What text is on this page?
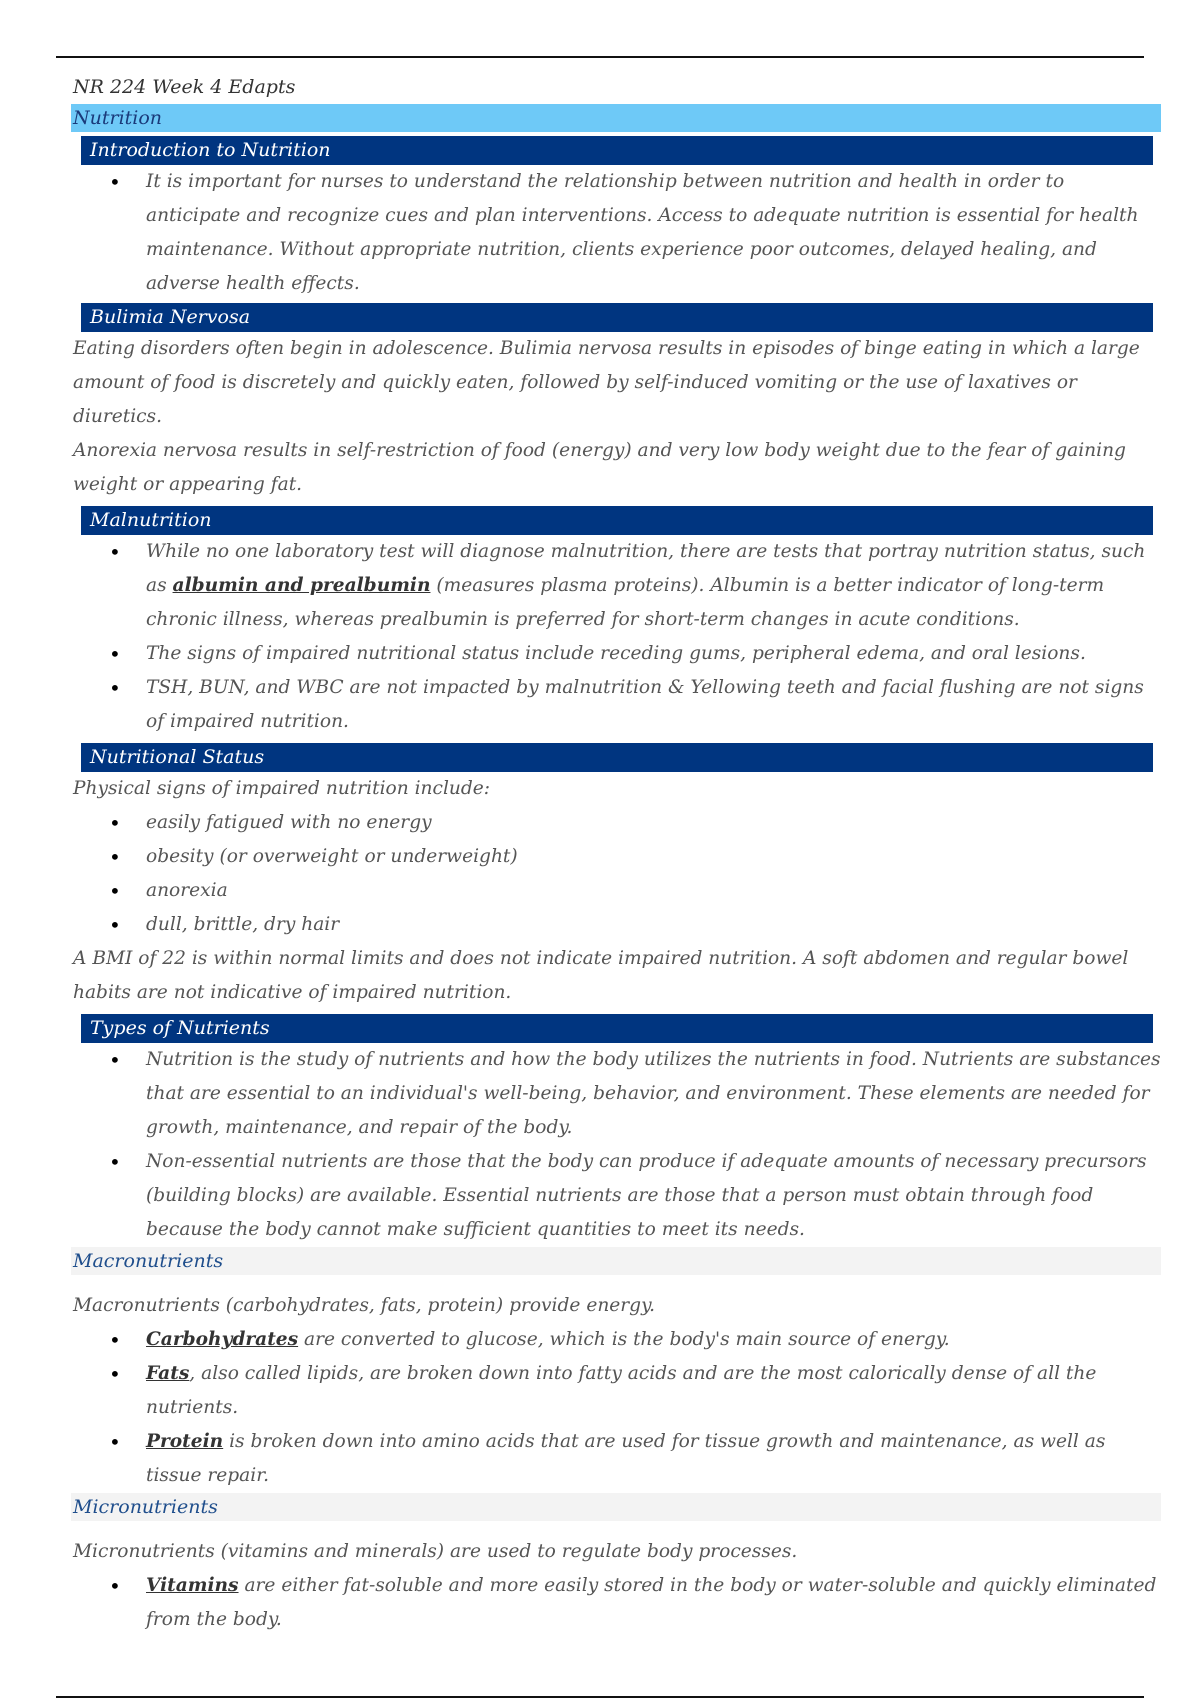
NR 224 Week 4 Edapts
Nutrition
Introduction to Nutrition
• It is important for nurses to understand the relationship between nutrition and health in order to anticipate and recognize cues and plan interventions. Access to adequate nutrition is essential for health maintenance. Without appropriate nutrition, clients experience poor outcomes, delayed healing, and adverse health effects.
Bulimia Nervosa

Eating disorders often begin in adolescence. Bulimia nervosa results in episodes of binge eating in which a large amount of food is discretely and quickly eaten, followed by self-induced vomiting or the use of laxatives or diuretics.

Anorexia nervosa results in self-restriction of food (energy) and very low body weight due to the fear of gaining weight or appearing fat.

Malnutrition
• While no one laboratory test will diagnose malnutrition, there are tests that portray nutrition status, such as albumin and prealbumin (measures plasma proteins). Albumin is a better indicator of long-term chronic illness, whereas prealbumin is preferred for short-term changes in acute conditions.
• The signs of impaired nutritional status include receding gums, peripheral edema, and oral lesions.
• TSH, BUN, and WBC are not impacted by malnutrition & Yellowing teeth and facial flushing are not signs of impaired nutrition.
Nutritional Status

Physical signs of impaired nutrition include:

• easily fatigued with no energy
• obesity (or overweight or underweight)
• anorexia
• dull, brittle, dry hair

A BMI of 22 is within normal limits and does not indicate impaired nutrition. A soft abdomen and regular bowel habits are not indicative of impaired nutrition.

Types of Nutrients
• Nutrition is the study of nutrients and how the body utilizes the nutrients in food. Nutrients are substances that are essential to an individual's well-being, behavior, and environment. These elements are needed for growth, maintenance, and repair of the body.
• Non-essential nutrients are those that the body can produce if adequate amounts of necessary precursors (building blocks) are available. Essential nutrients are those that a person must obtain through food because the body cannot make sufficient quantities to meet its needs.
Macronutrients

Macronutrients (carbohydrates, fats, protein) provide energy.

• Carbohydrates are converted to glucose, which is the body's main source of energy.
• Fats, also called lipids, are broken down into fatty acids and are the most calorically dense of all the nutrients.
• Protein is broken down into amino acids that are used for tissue growth and maintenance, as well as tissue repair.
Micronutrients

Micronutrients (vitamins and minerals) are used to regulate body processes.

• Vitamins are either fat-soluble and more easily stored in the body or water-soluble and quickly eliminated from the body.
